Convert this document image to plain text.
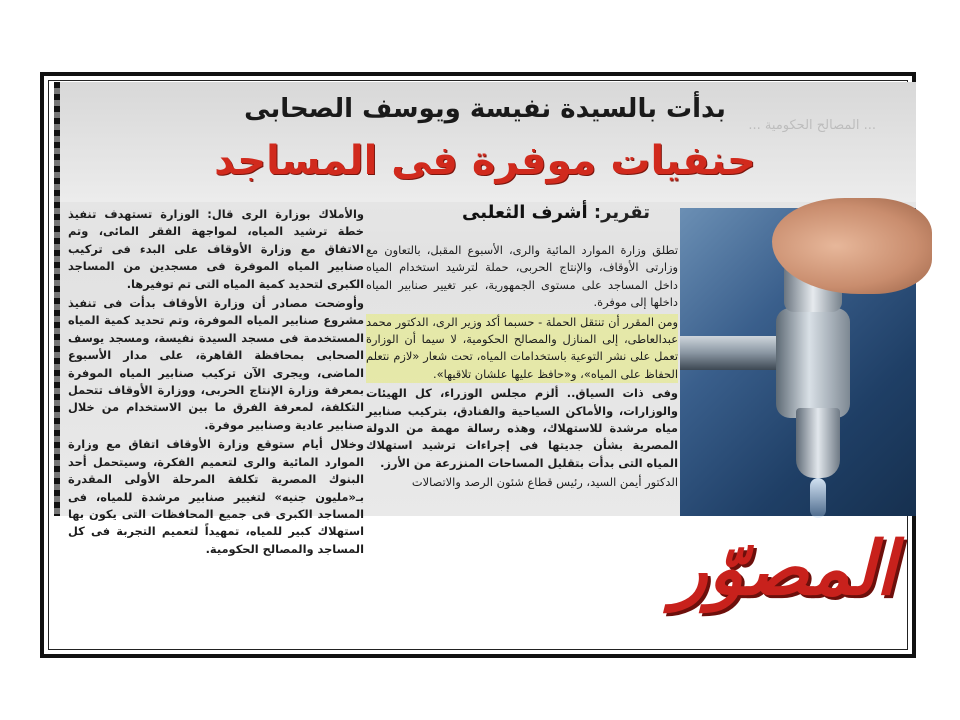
... المصالح الحكومية ...
بدأت بالسيدة نفيسة ويوسف الصحابى
حنفيات موفرة فى المساجد
تقرير: أشرف الثعلبى

والأملاك بوزارة الرى قال: الوزارة تستهدف تنفيذ خطة ترشيد المياه، لمواجهة الفقر المائى، وتم الاتفاق مع وزارة الأوقاف على البدء فى تركيب صنابير المياه الموفرة فى مسجدين من المساجد الكبرى لتحديد كمية المياه التى تم توفيرها.

وأوضحت مصادر أن وزارة الأوقاف بدأت فى تنفيذ مشروع صنابير المياه الموفرة، وتم تحديد كمية المياه المستخدمة فى مسجد السيدة نفيسة، ومسجد يوسف الصحابى بمحافظة القاهرة، على مدار الأسبوع الماضى، ويجرى الآن تركيب صنابير المياه الموفرة بمعرفة وزارة الإنتاج الحربى، ووزارة الأوقاف تتحمل التكلفة، لمعرفة الفرق ما بين الاستخدام من خلال صنابير عادية وصنابير موفرة.

وخلال أيام ستوقع وزارة الأوقاف اتفاق مع وزارة الموارد المائية والرى لتعميم الفكرة، وسيتحمل أحد البنوك المصرية تكلفة المرحلة الأولى المقدرة بـ«مليون جنيه» لتغيير صنابير مرشدة للمياه، فى المساجد الكبرى فى جميع المحافظات التى يكون بها استهلاك كبير للمياه، تمهيداً لتعميم التجربة فى كل المساجد والمصالح الحكومية.

تطلق وزارة الموارد المائية والرى، الأسبوع المقبل، بالتعاون مع وزارتى الأوقاف، والإنتاج الحربى، حملة لترشيد استخدام المياه داخل المساجد على مستوى الجمهورية، عبر تغيير صنابير المياه داخلها إلى موفرة.

ومن المقرر أن تنتقل الحملة - حسبما أكد وزير الرى، الدكتور محمد عبدالعاطى، إلى المنازل والمصالح الحكومية، لا سيما أن الوزارة تعمل على نشر التوعية باستخدامات المياه، تحت شعار «لازم نتعلم الحفاظ على المياه»، و«حافظ عليها علشان تلاقيها».

وفى ذات السياق.. ألزم مجلس الوزراء، كل الهيئات والوزارات، والأماكن السياحية والفنادق، بتركيب صنابير مياه مرشدة للاستهلاك، وهذه رسالة مهمة من الدولة المصرية بشأن جديتها فى إجراءات ترشيد استهلاك المياه التى بدأت بتقليل المساحات المنزرعة من الأرز.

الدكتور أيمن السيد، رئيس قطاع شئون الرصد والاتصالات

المصوّر
